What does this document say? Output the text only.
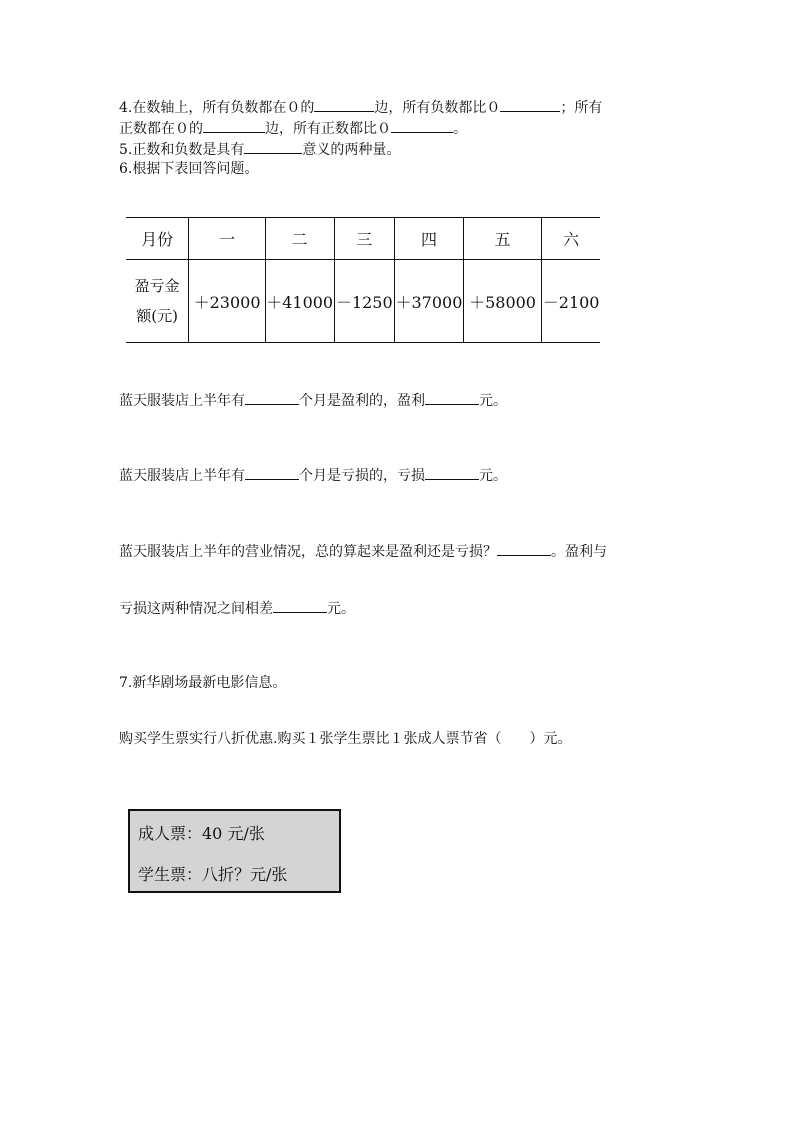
4.在数轴上，所有负数都在０的	边，所有负数都比０	；所有
正数都在０的	边，所有正数都比０	。
5.正数和负数是具有	意义的两种量。
6.根据下表回答问题。
月份	一	二	三	四	五	六
盈亏金
额(元)	＋23000	＋41000	－1250	＋37000	＋58000	－2100
蓝天服装店上半年有	个月是盈利的，盈利	元。
蓝天服装店上半年有	个月是亏损的，亏损	元。
蓝天服装店上半年的营业情况，总的算起来是盈利还是亏损？	。盈利与
亏损这两种情况之间相差	元。
7.新华剧场最新电影信息。
购买学生票实行八折优惠.购买１张学生票比１张成人票节省（　　）元。
成人票：40 元/张
学生票：八折？元/张
